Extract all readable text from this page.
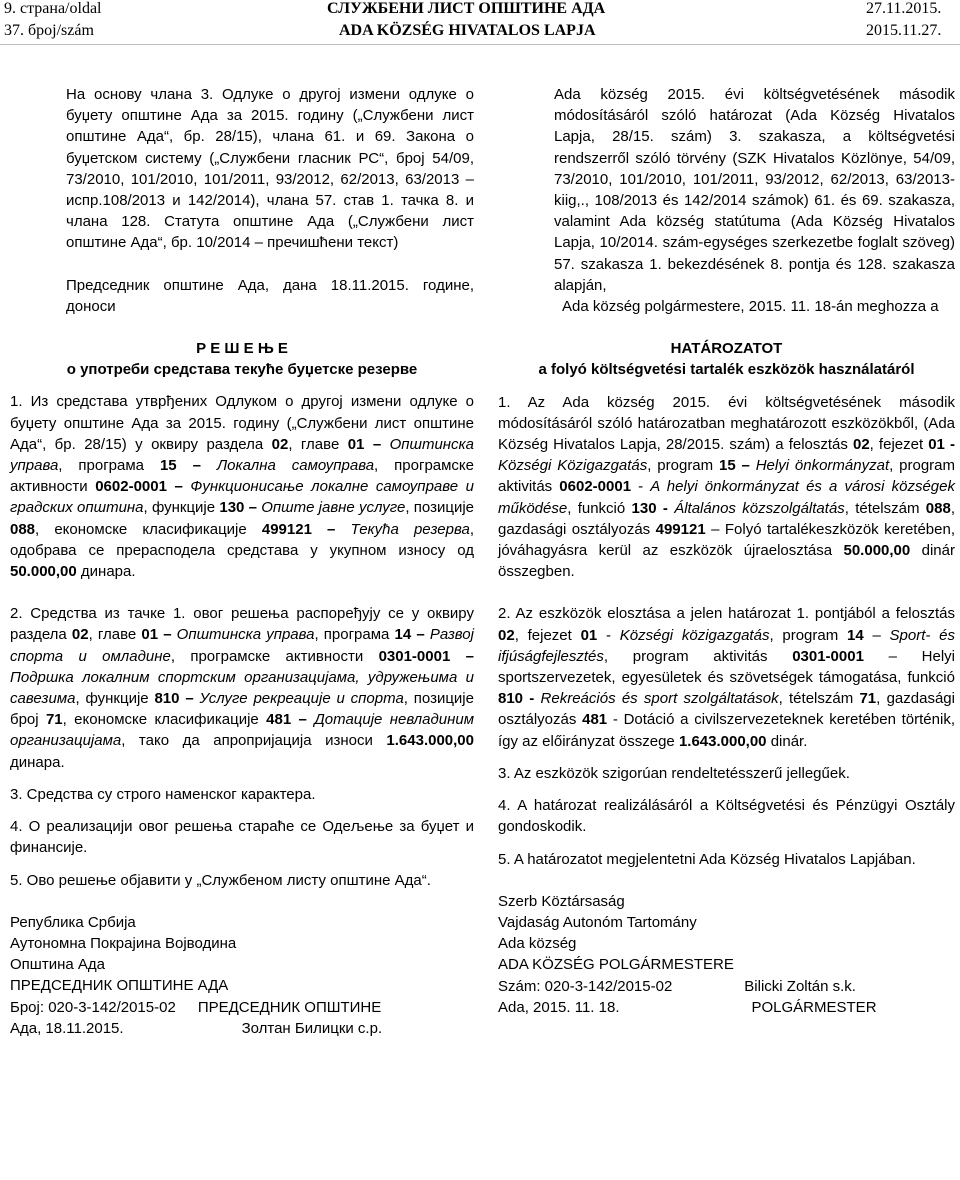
9. страна/oldal
37. број/szám
СЛУЖБЕНИ ЛИСТ ОПШТИНЕ АДА
ADA KÖZSÉG HIVATALOS LAPJA
27.11.2015.
2015.11.27.

На основу члана 3. Одлуке о другој измени одлуке о буџету општине Ада за 2015. годину („Службени лист општине Ада“, бр. 28/15), члана 61. и 69. Закона о буџетском систему („Службени гласник РС“, број 54/09, 73/2010, 101/2010, 101/2011, 93/2012, 62/2013, 63/2013 – испр.108/2013 и 142/2014), члана 57. став 1. тачка 8. и члана 128. Статута општине Ада („Службени лист општине Ада“, бр. 10/2014 – пречишћени текст)

Председник општине Ада, дана 18.11.2015. године, доноси

Р Е Ш Е Њ Е

о употреби средстава текуће буџетске резерве

1. Из средстава утврђених Одлуком о другој измени одлуке о буџету општине Ада за 2015. годину („Службени лист општине Ада“, бр. 28/15) у оквиру раздела 02, главе 01 – Општинска управа, програма 15 – Локална самоуправа, програмске активности 0602-0001 – Функционисање локалне самоуправе и градских општина, функције 130 – Опште јавне услуге, позиције 088, економске класификације 499121 – Текућа резерва, одобрава се прерасподела средстава у укупном износу од 50.000,00 динара.

2. Средства из тачке 1. овог решења распоређују се у оквиру раздела 02, главе 01 – Општинска управа, програма 14 – Развој спорта и омладине, програмске активности 0301-0001 – Подршка локалним спортским организацијама, удружењима и савезима, функције 810 – Услуге рекреације и спорта, позиције број 71, економске класификације 481 – Дотације невладиним организацијама, тако да апропријација износи 1.643.000,00 динара.

3. Средства су строго наменског карактера.

4. О реализацији овог решења стараће се Одељење за буџет и финансије.

5. Ово решење објавити у „Службеном листу општине Ада“.

Република Србија
Аутономна Покрајина Војводина
Општина Ада
ПРЕДСЕДНИК ОПШТИНЕ АДА
Број: 020-3-142/2015-02 ПРЕДСЕДНИК ОПШТИНЕ
Ада, 18.11.2015.	Золтан Билицки с.р.

Ada község 2015. évi költségvetésének második módosításáról szóló határozat (Ada Község Hivatalos Lapja, 28/15. szám) 3. szakasza, a költségvetési rendszerről szóló törvény (SZK Hivatalos Közlönye, 54/09, 73/2010, 101/2010, 101/2011, 93/2012, 62/2013, 63/2013-kiig,., 108/2013 és 142/2014 számok) 61. és 69. szakasza, valamint Ada község statútuma (Ada Község Hivatalos Lapja, 10/2014. szám-egységes szerkezetbe foglalt szöveg) 57. szakasza 1. bekezdésének 8. pontja és 128. szakasza alapján,

Ada község polgármestere, 2015. 11. 18-án meghozza a

HATÁROZATOT

a folyó költségvetési tartalék eszközök használatáról

1. Az Ada község 2015. évi költségvetésének második módosításáról szóló határozatban meghatározott eszközökből, (Ada Község Hivatalos Lapja, 28/2015. szám) a felosztás 02, fejezet 01 - Községi Közigazgatás, program 15 – Helyi önkormányzat, program aktivitás 0602-0001 - A helyi önkormányzat és a városi községek működése, funkció 130 - Általános közszolgáltatás, tételszám 088, gazdasági osztályozás 499121 – Folyó tartalékeszközök keretében, jóváhagyásra kerül az eszközök újraelosztása 50.000,00 dinár összegben.

2. Az eszközök elosztása a jelen határozat 1. pontjából a felosztás 02, fejezet 01 - Községi közigazgatás, program 14 – Sport- és ifjúságfejlesztés, program aktivitás 0301-0001 – Helyi sportszervezetek, egyesületek és szövetségek támogatása, funkció 810 - Rekreációs és sport szolgáltatások, tételszám 71, gazdasági osztályozás 481 - Dotáció a civilszervezeteknek keretében történik, így az előirányzat összege 1.643.000,00 dinár.

3. Az eszközök szigorúan rendeltetésszerű jellegűek.

4. A határozat realizálásáról a Költségvetési és Pénzügyi Osztály gondoskodik.

5. A határozatot megjelentetni Ada Község Hivatalos Lapjában.

Szerb Köztársaság
Vajdaság Autonóm Tartomány
Ada község
ADA KÖZSÉG POLGÁRMESTERE
Szám: 020-3-142/2015-02	Bilicki Zoltán s.k.
Ada, 2015. 11. 18.	POLGÁRMESTER
